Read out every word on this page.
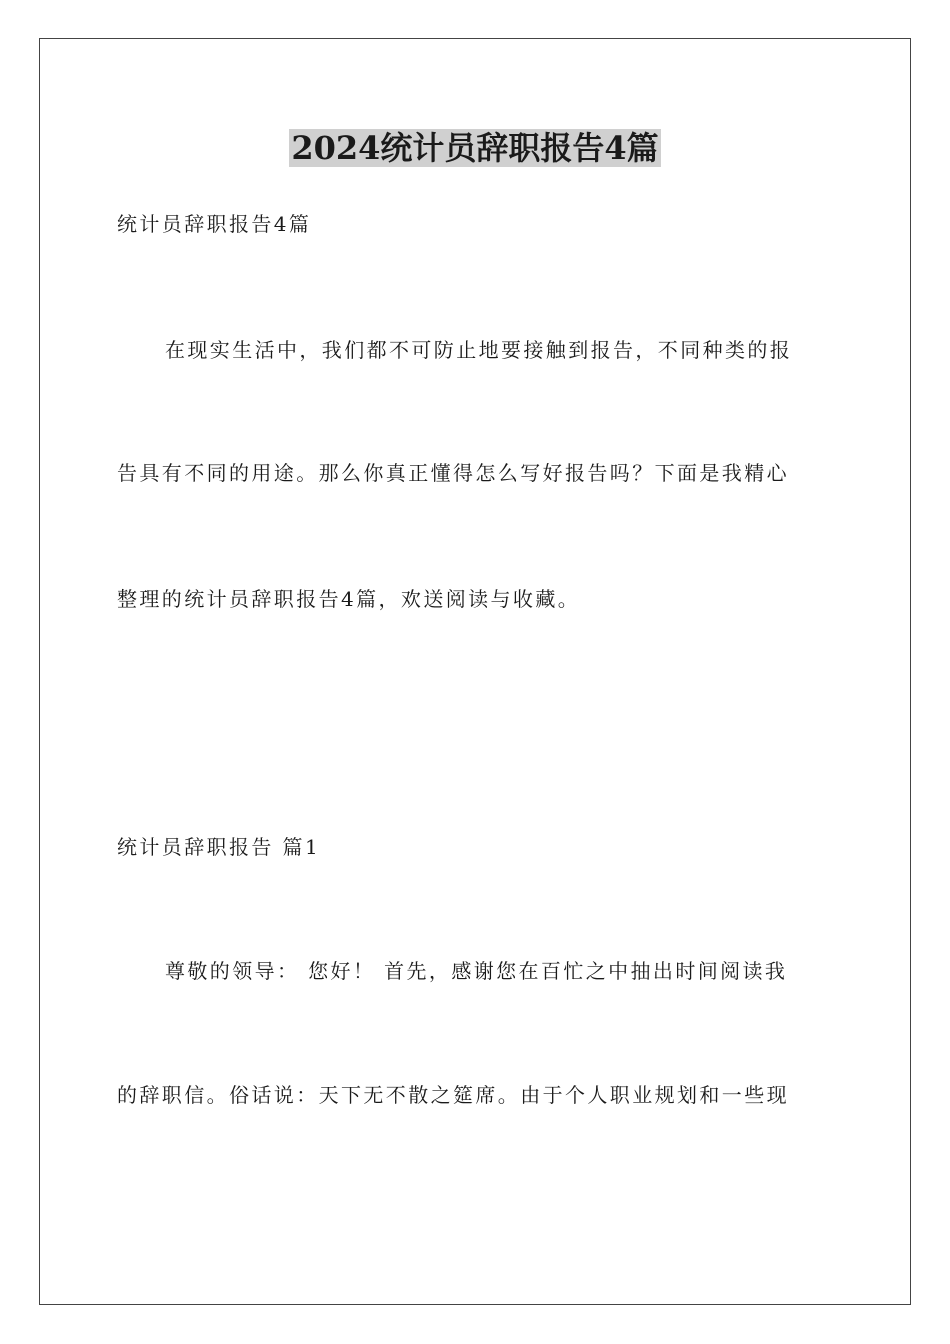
2024统计员辞职报告4篇

统计员辞职报告4篇

在现实生活中，我们都不可防止地要接触到报告，不同种类的报

告具有不同的用途。那么你真正懂得怎么写好报告吗？下面是我精心

整理的统计员辞职报告4篇，欢送阅读与收藏。

统计员辞职报告 篇1

尊敬的领导： 您好！ 首先，感谢您在百忙之中抽出时间阅读我

的辞职信。俗话说：天下无不散之筵席。由于个人职业规划和一些现
